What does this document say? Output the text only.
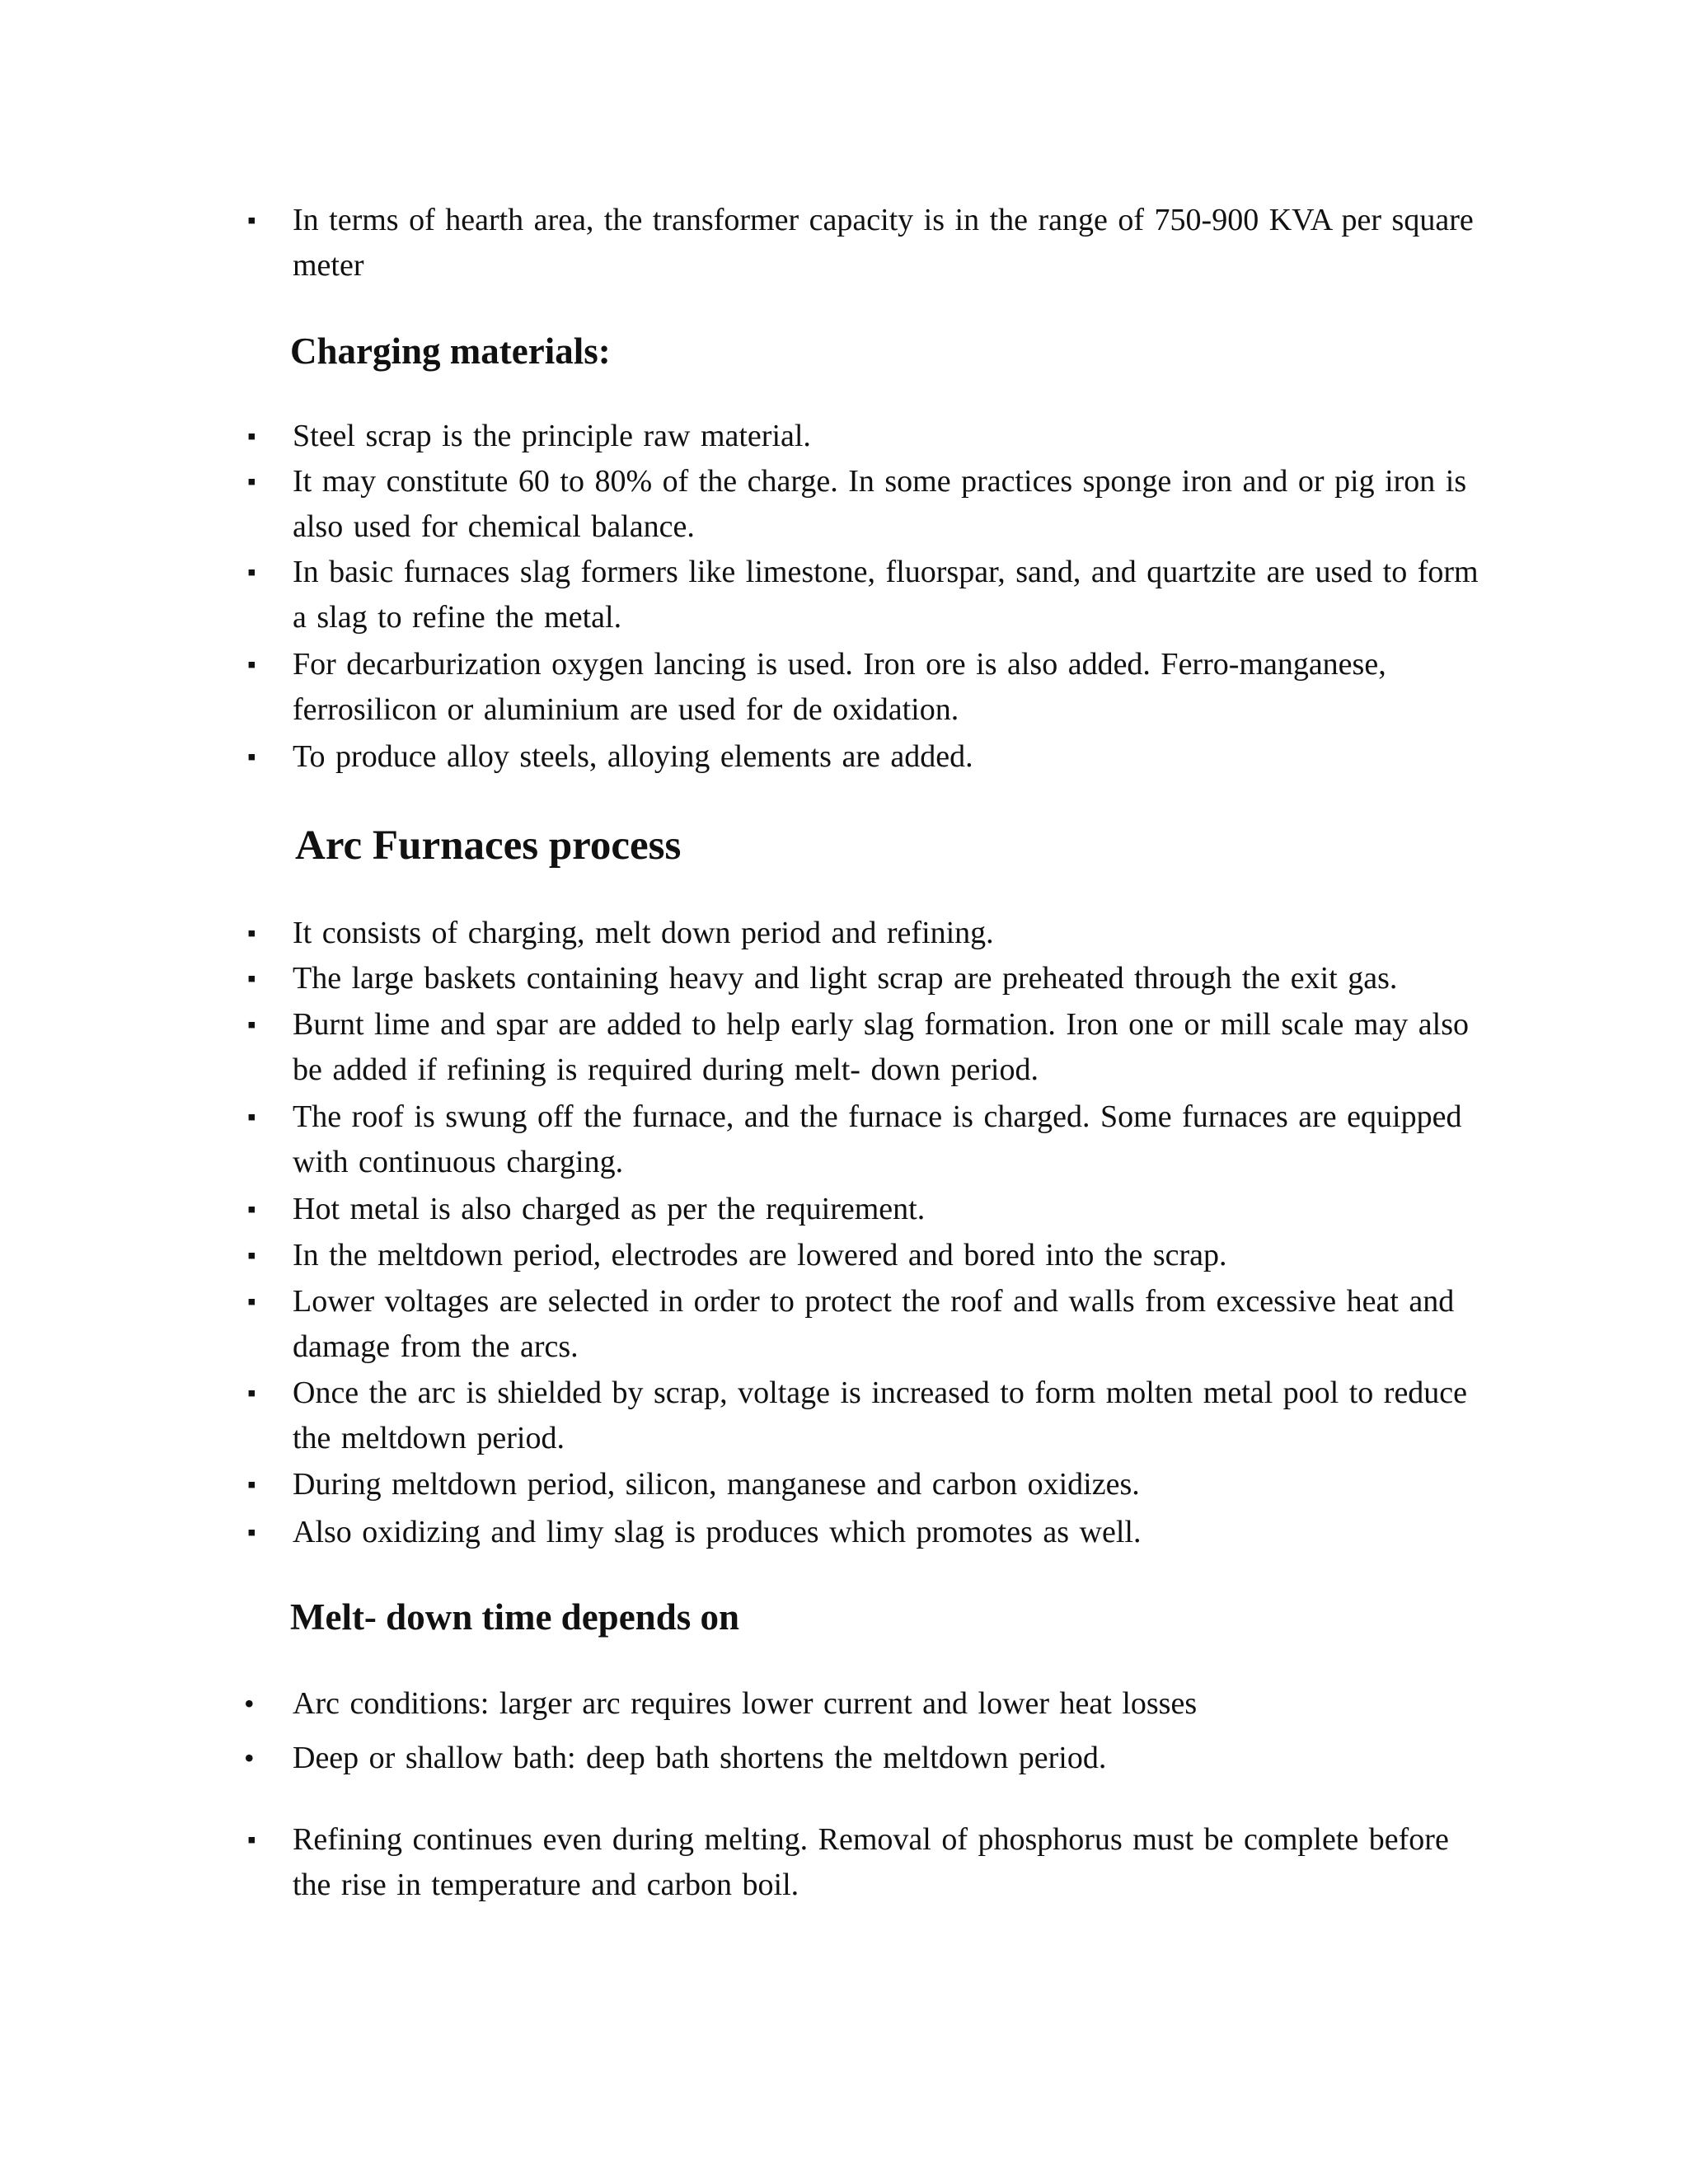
▪ In terms of hearth area, the transformer capacity is in the range of 750-900 KVA per square meter
Charging materials:
▪ Steel scrap is the principle raw material.
▪ It may constitute 60 to 80% of the charge. In some practices sponge iron and or pig iron is also used for chemical balance.
▪ In basic furnaces slag formers like limestone, fluorspar, sand, and quartzite are used to form a slag to refine the metal.
▪ For decarburization oxygen lancing is used. Iron ore is also added. Ferro-manganese, ferrosilicon or aluminium are used for de oxidation.
▪ To produce alloy steels, alloying elements are added.
Arc Furnaces process
▪ It consists of charging, melt down period and refining.
▪ The large baskets containing heavy and light scrap are preheated through the exit gas.
▪ Burnt lime and spar are added to help early slag formation. Iron one or mill scale may also be added if refining is required during melt- down period.
▪ The roof is swung off the furnace, and the furnace is charged. Some furnaces are equipped with continuous charging.
▪ Hot metal is also charged as per the requirement.
▪ In the meltdown period, electrodes are lowered and bored into the scrap.
▪ Lower voltages are selected in order to protect the roof and walls from excessive heat and damage from the arcs.
▪ Once the arc is shielded by scrap, voltage is increased to form molten metal pool to reduce the meltdown period.
▪ During meltdown period, silicon, manganese and carbon oxidizes.
▪ Also oxidizing and limy slag is produces which promotes as well.
Melt- down time depends on
• Arc conditions: larger arc requires lower current and lower heat losses
• Deep or shallow bath: deep bath shortens the meltdown period.
▪ Refining continues even during melting. Removal of phosphorus must be complete before the rise in temperature and carbon boil.
